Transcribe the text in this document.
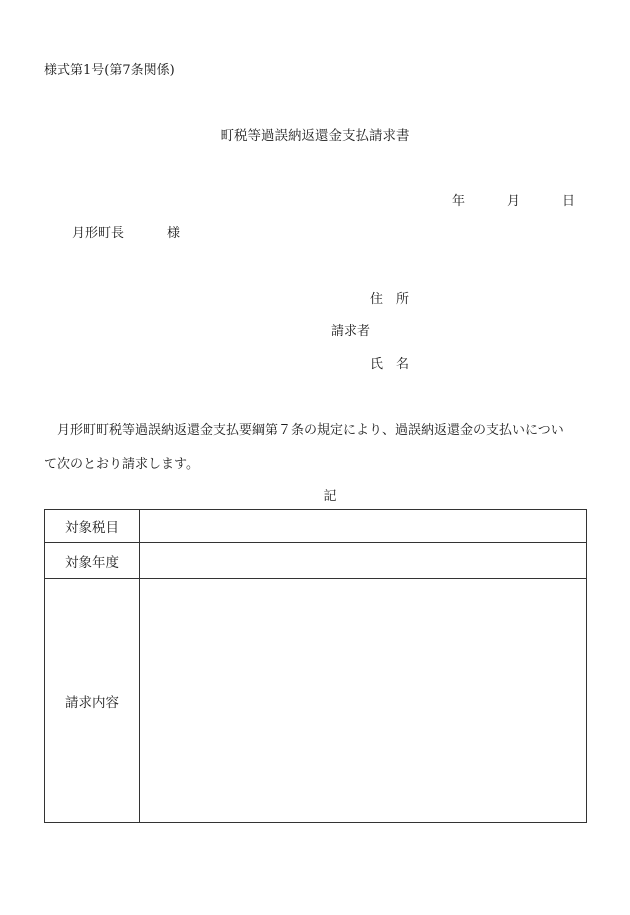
様式第1号(第7条関係)
町税等過誤納返還金支払請求書
年	月	日
月形町長	様
住 所
請求者
氏 名
　月形町町税等過誤納返還金支払要綱第７条の規定により、過誤納返還金の支払いについ
て次のとおり請求します。
記
対象税目	
対象年度	
請求内容	
